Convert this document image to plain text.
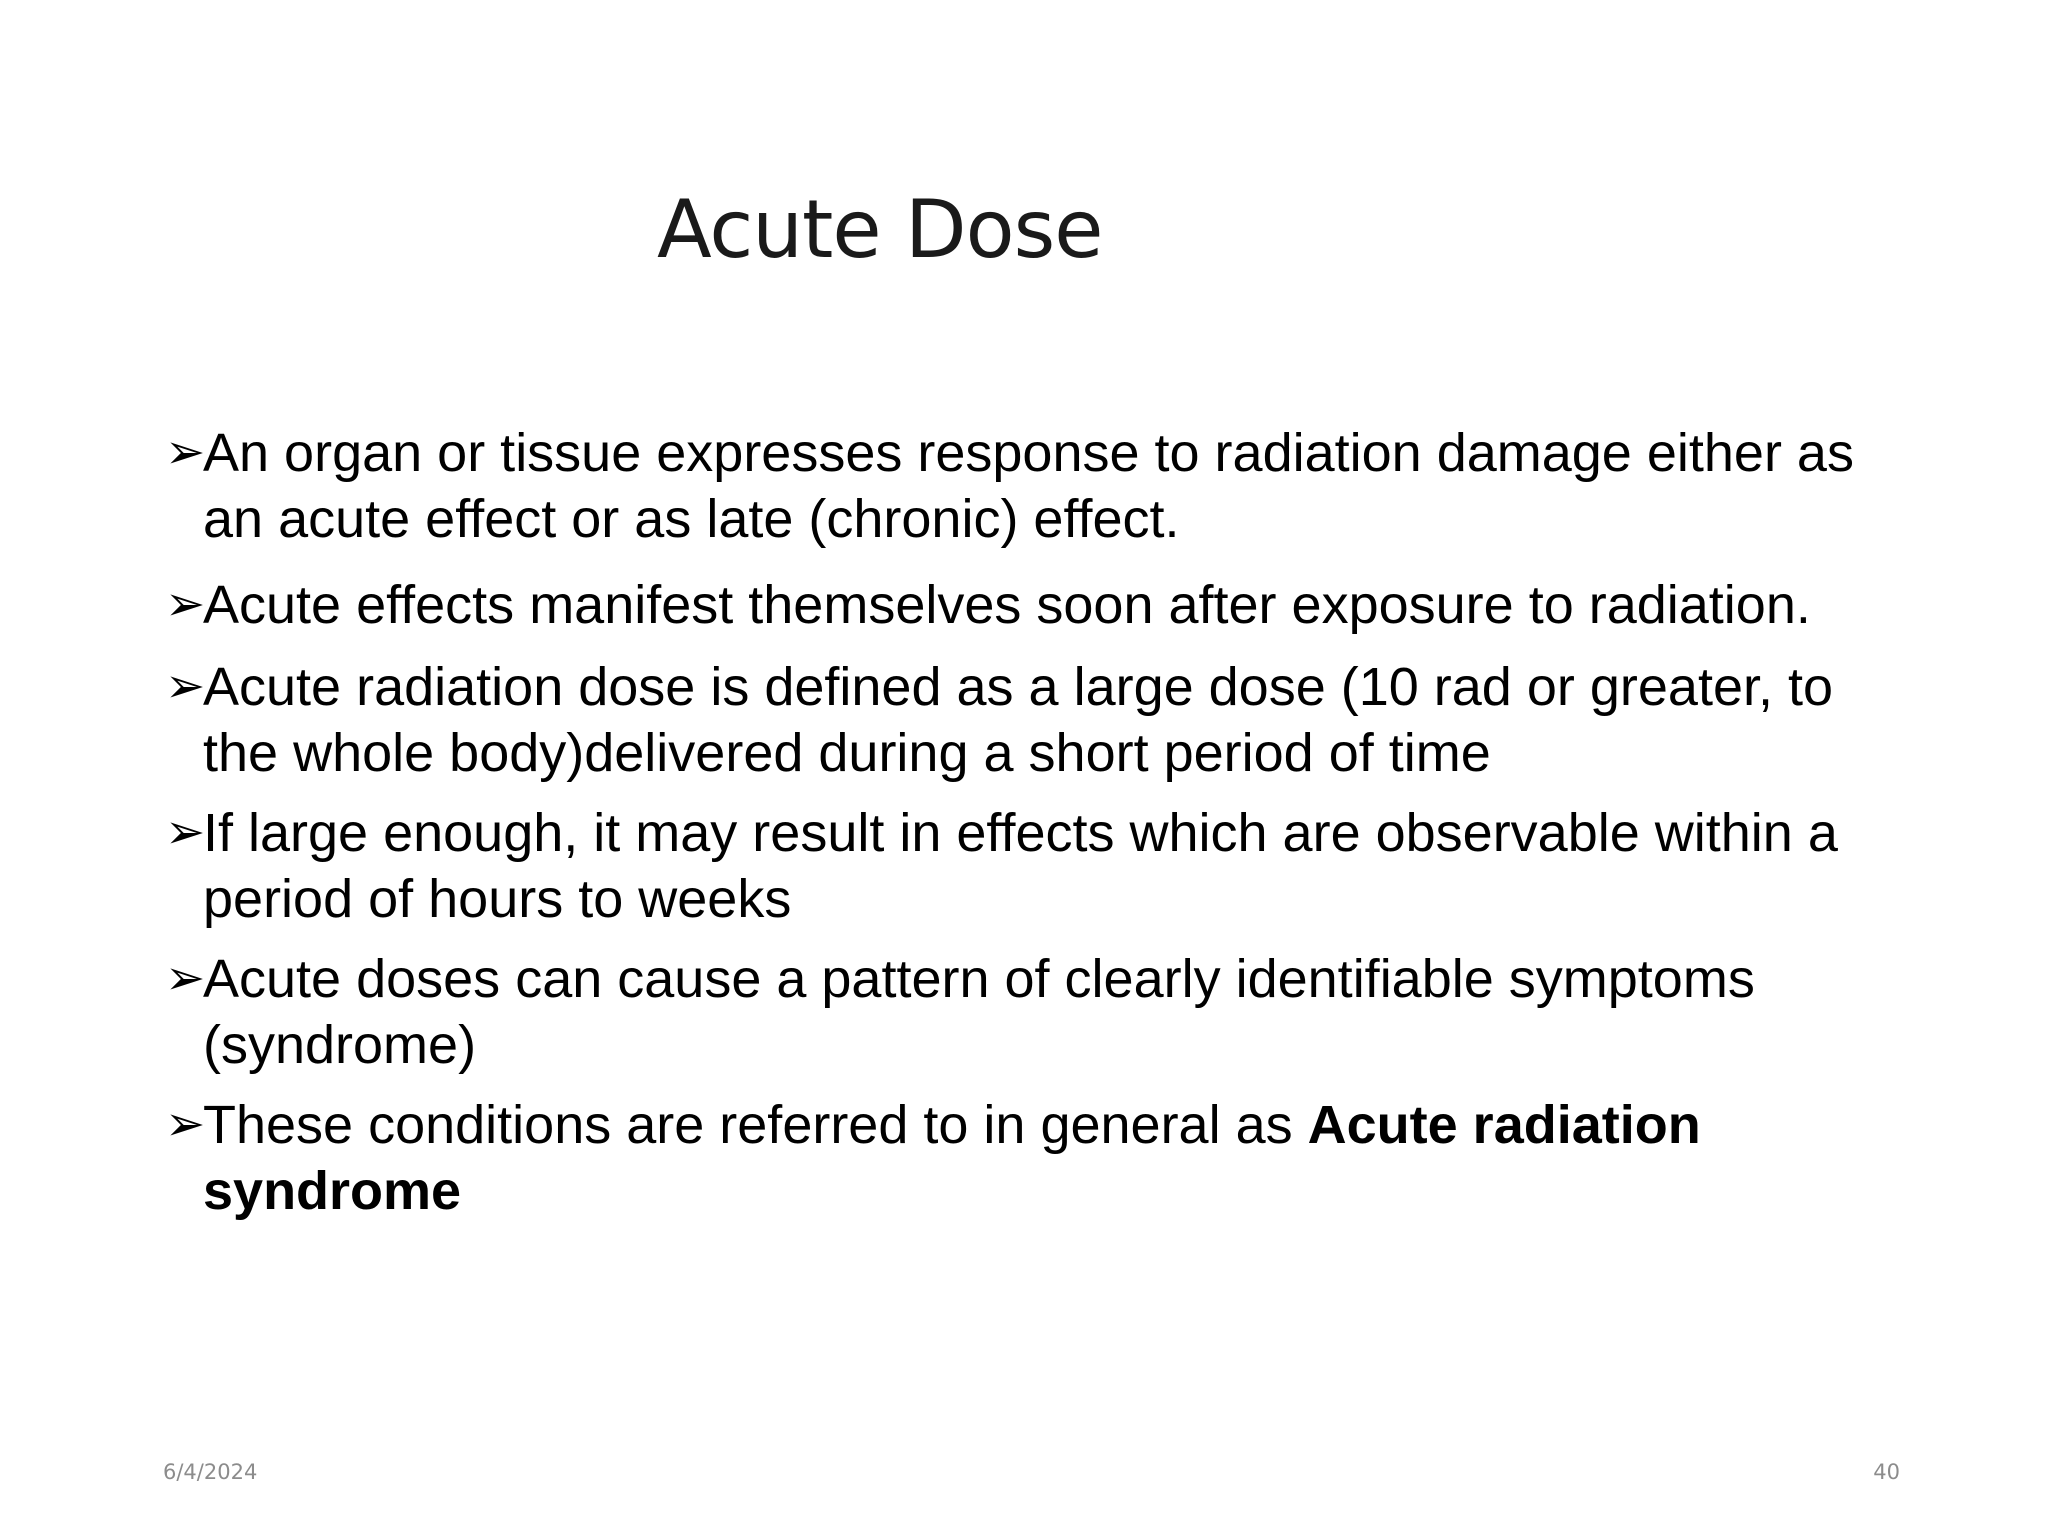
Acute Dose
➢
An organ or tissue expresses response to radiation damage either as an acute effect or as late (chronic) effect.
➢
Acute effects manifest themselves soon after exposure to radiation.
➢
Acute radiation dose is defined as a large dose (10 rad or greater, to the whole body)delivered during a short period of time
➢
If large enough, it may result in effects which are observable within a period of hours to weeks
➢
Acute doses can cause a pattern of clearly identifiable symptoms (syndrome)
➢
These conditions are referred to in general as Acute radiation syndrome
6/4/2024	40
